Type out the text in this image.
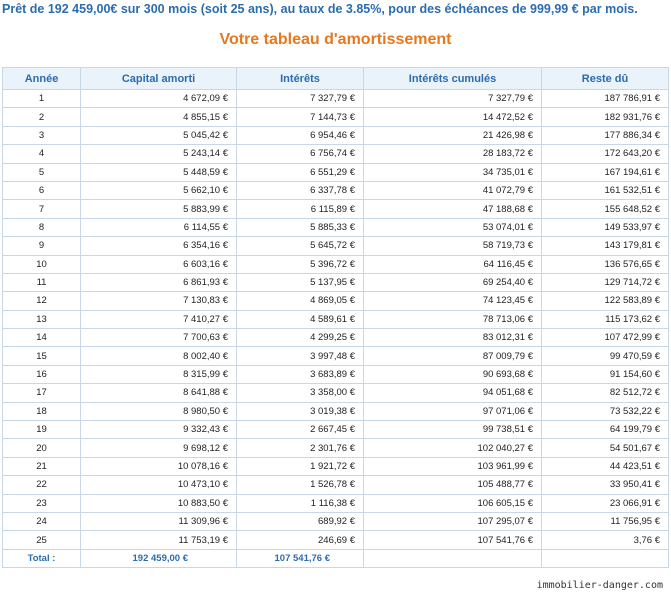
Prêt de 192 459,00€ sur 300 mois (soit 25 ans), au taux de 3.85%, pour des échéances de 999,99 € par mois.
Votre tableau d'amortissement
Année	Capital amorti	Intérêts	Intérêts cumulés	Reste dû
1	4 672,09 €	7 327,79 €	7 327,79 €	187 786,91 €
2	4 855,15 €	7 144,73 €	14 472,52 €	182 931,76 €
3	5 045,42 €	6 954,46 €	21 426,98 €	177 886,34 €
4	5 243,14 €	6 756,74 €	28 183,72 €	172 643,20 €
5	5 448,59 €	6 551,29 €	34 735,01 €	167 194,61 €
6	5 662,10 €	6 337,78 €	41 072,79 €	161 532,51 €
7	5 883,99 €	6 115,89 €	47 188,68 €	155 648,52 €
8	6 114,55 €	5 885,33 €	53 074,01 €	149 533,97 €
9	6 354,16 €	5 645,72 €	58 719,73 €	143 179,81 €
10	6 603,16 €	5 396,72 €	64 116,45 €	136 576,65 €
11	6 861,93 €	5 137,95 €	69 254,40 €	129 714,72 €
12	7 130,83 €	4 869,05 €	74 123,45 €	122 583,89 €
13	7 410,27 €	4 589,61 €	78 713,06 €	115 173,62 €
14	7 700,63 €	4 299,25 €	83 012,31 €	107 472,99 €
15	8 002,40 €	3 997,48 €	87 009,79 €	99 470,59 €
16	8 315,99 €	3 683,89 €	90 693,68 €	91 154,60 €
17	8 641,88 €	3 358,00 €	94 051,68 €	82 512,72 €
18	8 980,50 €	3 019,38 €	97 071,06 €	73 532,22 €
19	9 332,43 €	2 667,45 €	99 738,51 €	64 199,79 €
20	9 698,12 €	2 301,76 €	102 040,27 €	54 501,67 €
21	10 078,16 €	1 921,72 €	103 961,99 €	44 423,51 €
22	10 473,10 €	1 526,78 €	105 488,77 €	33 950,41 €
23	10 883,50 €	1 116,38 €	106 605,15 €	23 066,91 €
24	11 309,96 €	689,92 €	107 295,07 €	11 756,95 €
25	11 753,19 €	246,69 €	107 541,76 €	3,76 €
Total :	192 459,00 €	107 541,76 €		
immobilier-danger.com
